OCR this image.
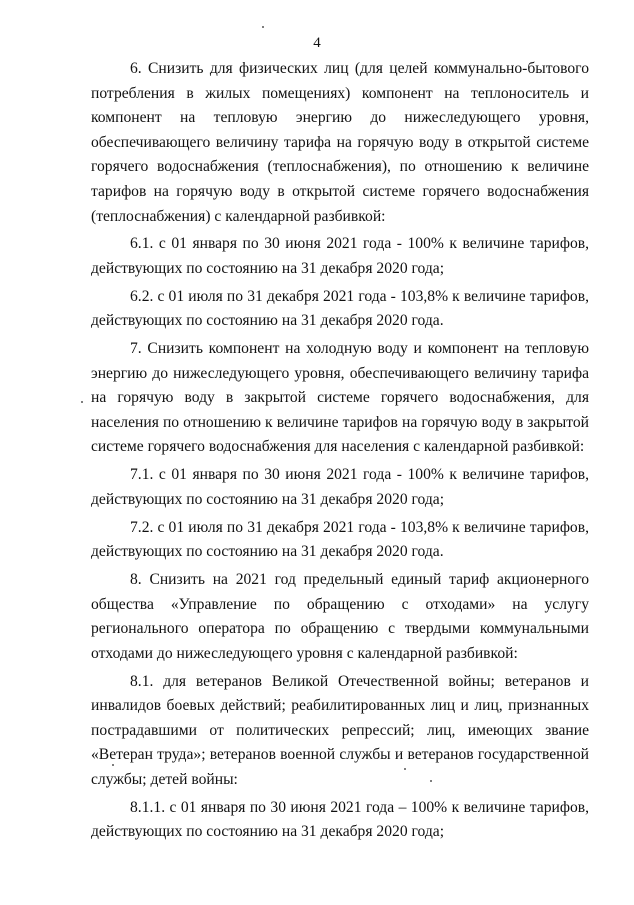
4

6. Снизить для физических лиц (для целей коммунально-бытового потребления в жилых помещениях) компонент на теплоноситель и компонент на тепловую энергию до нижеследующего уровня, обеспечивающего величину тарифа на горячую воду в открытой системе горячего водоснабжения (теплоснабжения), по отношению к величине тарифов на горячую воду в открытой системе горячего водоснабжения (теплоснабжения) с календарной разбивкой:

6.1. с 01 января по 30 июня 2021 года - 100% к величине тарифов, действующих по состоянию на 31 декабря 2020 года;

6.2. с 01 июля по 31 декабря 2021 года - 103,8% к величине тарифов, действующих по состоянию на 31 декабря 2020 года.

7. Снизить компонент на холодную воду и компонент на тепловую энергию до нижеследующего уровня, обеспечивающего величину тарифа на горячую воду в закрытой системе горячего водоснабжения, для населения по отношению к величине тарифов на горячую воду в закрытой системе горячего водоснабжения для населения с календарной разбивкой:

7.1. с 01 января по 30 июня 2021 года - 100% к величине тарифов, действующих по состоянию на 31 декабря 2020 года;

7.2. с 01 июля по 31 декабря 2021 года - 103,8% к величине тарифов, действующих по состоянию на 31 декабря 2020 года.

8. Снизить на 2021 год предельный единый тариф акционерного общества «Управление по обращению с отходами» на услугу регионального оператора по обращению с твердыми коммунальными отходами до нижеследующего уровня с календарной разбивкой:

8.1. для ветеранов Великой Отечественной войны; ветеранов и инвалидов боевых действий; реабилитированных лиц и лиц, признанных пострадавшими от политических репрессий; лиц, имеющих звание «Ветеран труда»; ветеранов военной службы и ветеранов государственной службы; детей войны:

8.1.1. с 01 января по 30 июня 2021 года – 100% к величине тарифов, действующих по состоянию на 31 декабря 2020 года;
